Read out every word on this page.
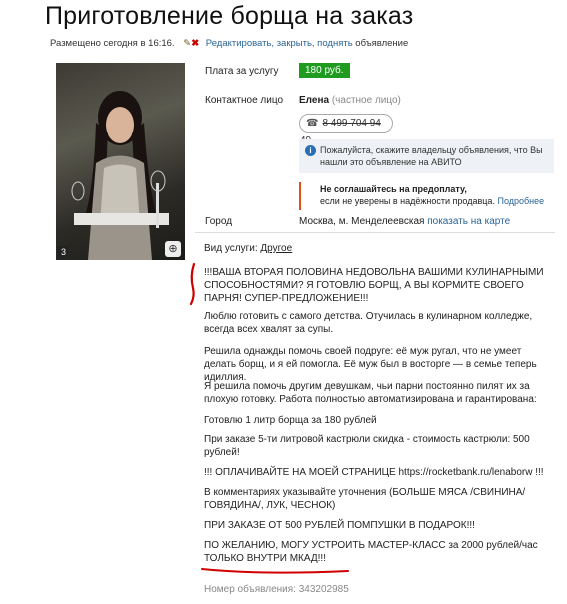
Приготовление борща на заказ
Размещено сегодня в 16:16. ✎✖ Редактировать, закрыть, поднять объявление
3	⊕
Плата за услугу	180 руб.
Контактное лицо Елена (частное лицо)
☎ 8 499 704 94
i Пожалуйста, скажите владельцу объявления, что Вы нашли это объявление на АВИТО
Не соглашайтесь на предоплату,
если не уверены в надёжности продавца. Подробнее
Город	Москва, м. Менделеевская показать на карте
Вид услуги: Другое
!!!ВАША ВТОРАЯ ПОЛОВИНА НЕДОВОЛЬНА ВАШИМИ КУЛИНАРНЫМИ СПОСОБНОСТЯМИ? Я ГОТОВЛЮ БОРЩ, А ВЫ КОРМИТЕ СВОЕГО ПАРНЯ! СУПЕР-ПРЕДЛОЖЕНИЕ!!!
Люблю готовить с самого детства. Отучилась в кулинарном колледже, всегда всех хвалят за супы.
Решила однажды помочь своей подруге: её муж ругал, что не умеет делать борщ, и я ей помогла. Её муж был в восторге — в семье теперь идиллия.
Я решила помочь другим девушкам, чьи парни постоянно пилят их за плохую готовку. Работа полностью автоматизирована и гарантирована:
Готовлю 1 литр борща за 180 рублей
При заказе 5-ти литровой кастрюли скидка - стоимость кастрюли: 500 рублей!
!!! ОПЛАЧИВАЙТЕ НА МОЕЙ СТРАНИЦЕ https://rocketbank.ru/lenaborw !!!
В комментариях указывайте уточнения (БОЛЬШЕ МЯСА /СВИНИНА/ ГОВЯДИНА/, ЛУК, ЧЕСНОК)
ПРИ ЗАКАЗЕ ОТ 500 РУБЛЕЙ ПОМПУШКИ В ПОДАРОК!!!
ПО ЖЕЛАНИЮ, МОГУ УСТРОИТЬ МАСТЕР-КЛАСС за 2000 рублей/час ТОЛЬКО ВНУТРИ МКАД!!!
Номер объявления: 343202985
